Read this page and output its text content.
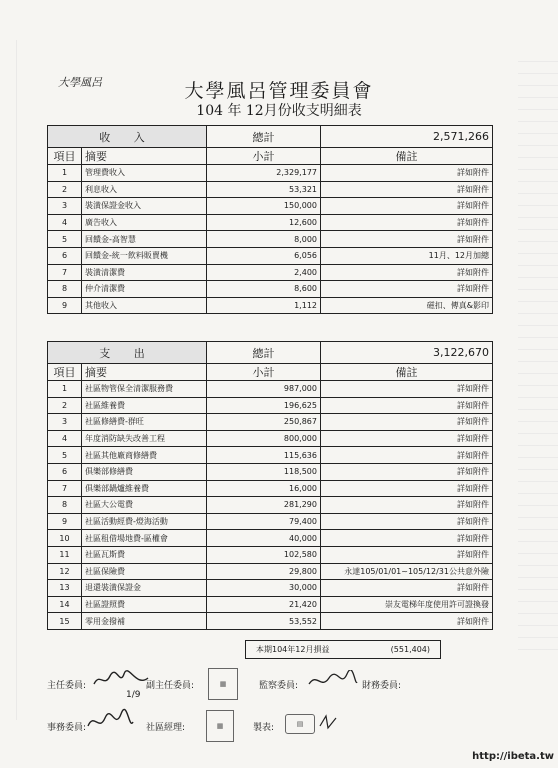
大學風呂	大學風呂管理委員會
104 年 12月份收支明細表
收 入		總計	2,571,266
項目	摘要	小計	備註
1	管理費收入	2,329,177	詳如附件
2	利息收入	53,321	詳如附件
3	裝潢保證金收入	150,000	詳如附件
4	廣告收入	12,600	詳如附件
5	回饋金-高智慧	8,000	詳如附件
6	回饋金-統一飲料販賣機	6,056	11月、12月加總
7	裝潢清潔費	2,400	詳如附件
8	仲介清潔費	8,600	詳如附件
9	其他收入	1,112	磁扣、傳真&影印
支 出		總計	3,122,670
項目	摘要	小計	備註
1	社區物管保全清潔服務費	987,000	詳如附件
2	社區維養費	196,625	詳如附件
3	社區修繕費-群旺	250,867	詳如附件
4	年度消防缺失改善工程	800,000	詳如附件
5	社區其他廠商修繕費	115,636	詳如附件
6	俱樂部修繕費	118,500	詳如附件
7	俱樂部鍋爐維養費	16,000	詳如附件
8	社區大公電費	281,290	詳如附件
9	社區活動經費-燈海活動	79,400	詳如附件
10	社區租借場地費-區權會	40,000	詳如附件
11	社區瓦斯費	102,580	詳如附件
12	社區保險費	29,800	永達105/01/01~105/12/31公共意外險
13	退還裝潢保證金	30,000	詳如附件
14	社區證照費	21,420	崇友電梯年度使用許可證換發
15	零用金撥補	53,552	詳如附件
本期104年12月損益	(551,404)
主任委員:
1/9
副主任委員:	▦	監察委員:	財務委員:
事務委員:	社區經理:	▦	製表:	▤
http://ibeta.tw
